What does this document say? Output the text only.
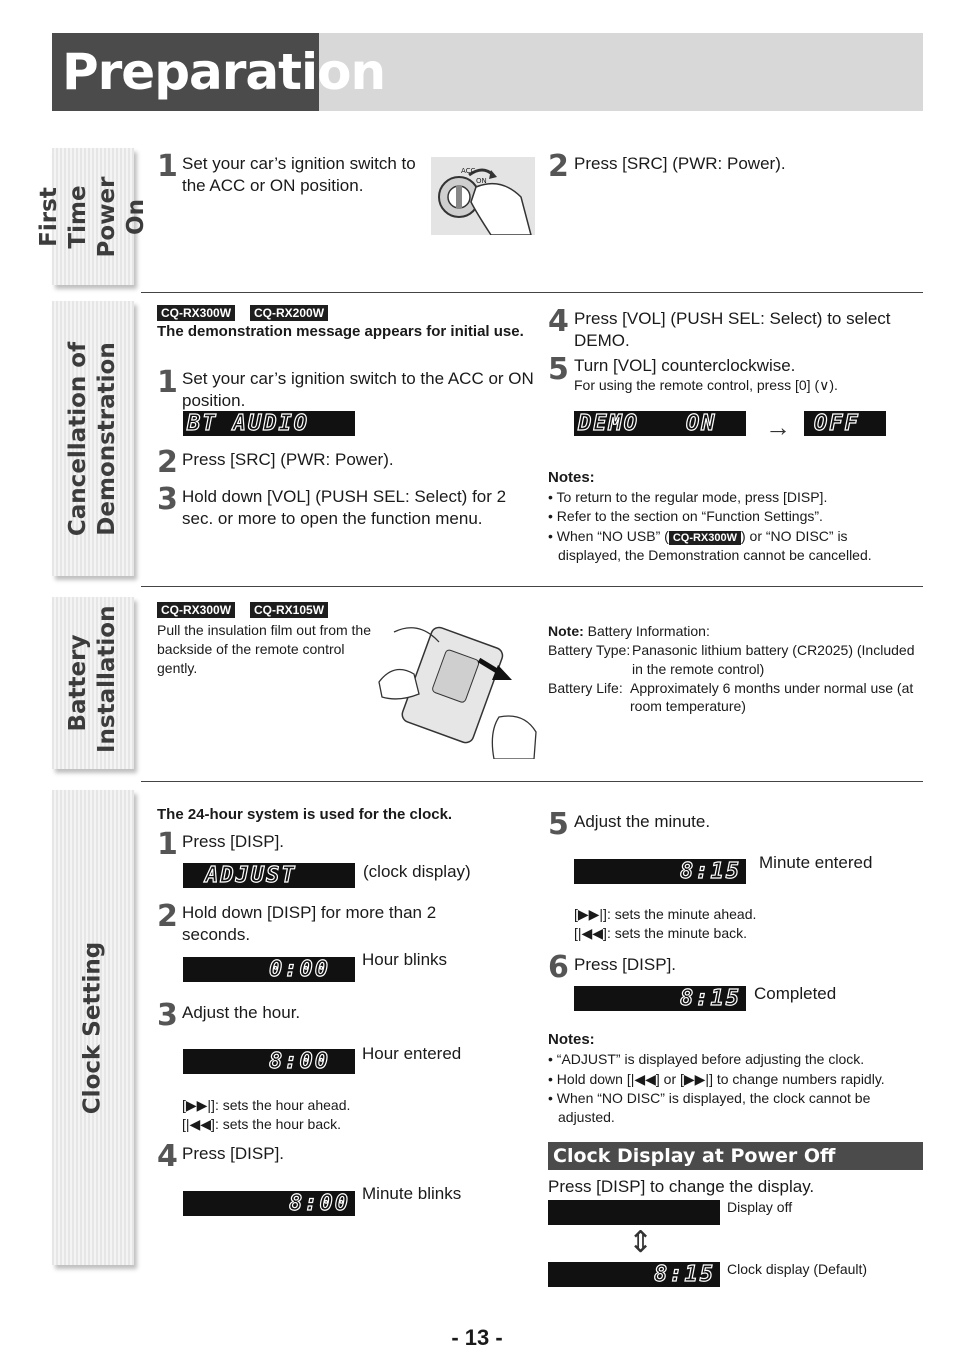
Preparation
First Time Power On
Cancellation of Demonstration
Battery Installation
Clock Setting
1 Set your car’s ignition switch to the ACC or ON position.
ACC
ON 2 Press [SRC] (PWR: Power).
CQ-RX300W	CQ-RX200W
The demonstration message appears for initial use.
1 Set your car’s ignition switch to the ACC or ON position.
BT AUDIO
2 Press [SRC] (PWR: Power).
3 Hold down [VOL] (PUSH SEL: Select) for 2 sec. or more to open the function menu.
4 Press [VOL] (PUSH SEL: Select) to select DEMO.
5 Turn [VOL] counterclockwise.
For using the remote control, press [0] (∨).
DEMO ON → OFF
Notes:
• To return to the regular mode, press [DISP].
• Refer to the section on “Function Settings”.
• When “NO USB” ( CQ-RX300W ) or “NO DISC” is
displayed, the Demonstration cannot be cancelled.
CQ-RX300W	CQ-RX105W
Pull the insulation film out from the backside of the remote control gently.
Note: Battery Information:
Battery Type: Panasonic lithium battery (CR2025) (Included
in the remote control)
Battery Life: Approximately 6 months under normal use (at
room temperature)
The 24-hour system is used for the clock.
1 Press [DISP].
ADJUST	(clock display)
2 Hold down [DISP] for more than 2 seconds.
0:00 Hour blinks
3 Adjust the hour.
8:00 Hour entered
[▶▶|]: sets the hour ahead.
[|◀◀]: sets the hour back.
4 Press [DISP].
8:00 Minute blinks
5 Adjust the minute.
8:15 Minute entered
[▶▶|]: sets the minute ahead.
[|◀◀]: sets the minute back.
6 Press [DISP].
8:15 Completed
Notes:
• “ADJUST” is displayed before adjusting the clock.
• Hold down [|◀◀] or [▶▶|] to change numbers rapidly.
• When “NO DISC” is displayed, the clock cannot be adjusted.
Clock Display at Power Off
Press [DISP] to change the display.
Display off
⇕
8:15 Clock display (Default)
- 13 -
